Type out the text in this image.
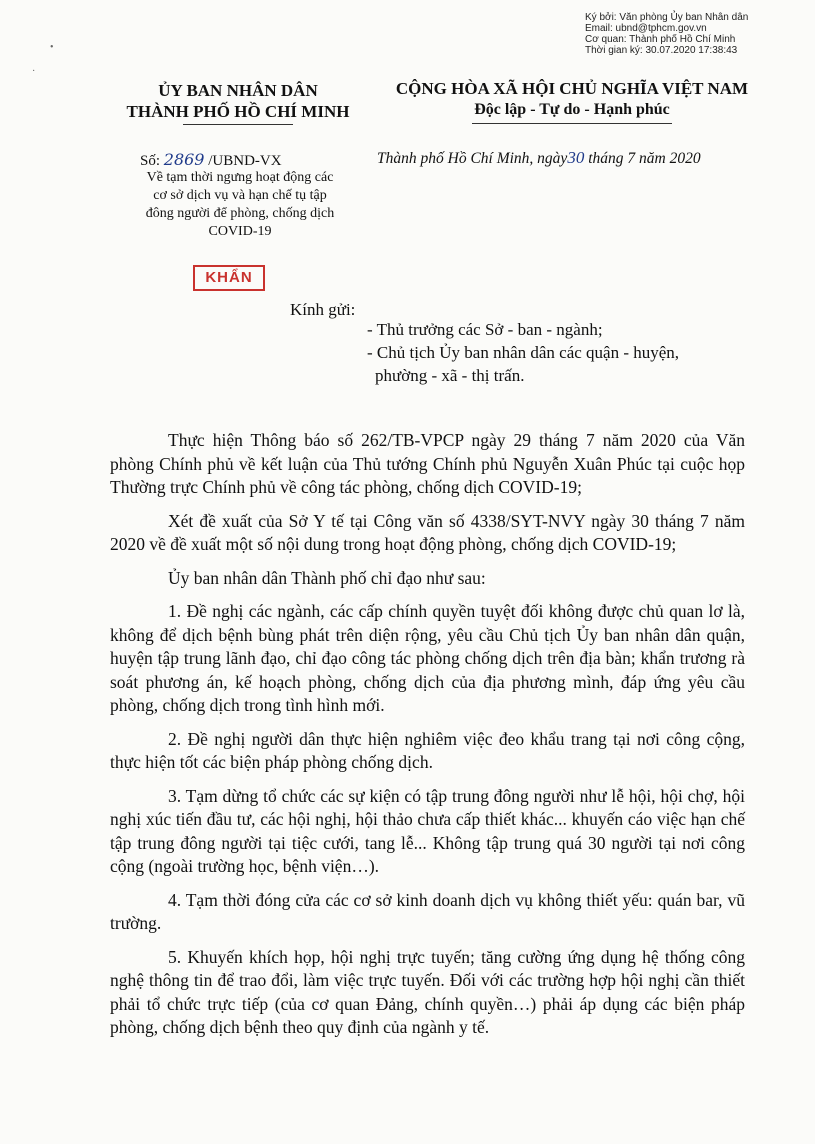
Ký bởi: Văn phòng Ủy ban Nhân dân
Email: ubnd@tphcm.gov.vn
Cơ quan: Thành phố Hồ Chí Minh
Thời gian ký: 30.07.2020 17:38:43
•
·
ỦY BAN NHÂN DÂN
THÀNH PHỐ HỒ CHÍ MINH
CỘNG HÒA XÃ HỘI CHỦ NGHĨA VIỆT NAM
Độc lập - Tự do - Hạnh phúc
Số: 2869 /UBND-VX	Thành phố Hồ Chí Minh, ngày30 tháng 7 năm 2020
Về tạm thời ngưng hoạt động các
cơ sở dịch vụ và hạn chế tụ tập
đông người để phòng, chống dịch
COVID-19
KHẨN
Kính gửi:
- Thủ trưởng các Sở - ban - ngành;
- Chủ tịch Ủy ban nhân dân các quận - huyện,
phường - xã - thị trấn.

Thực hiện Thông báo số 262/TB-VPCP ngày 29 tháng 7 năm 2020 của Văn phòng Chính phủ về kết luận của Thủ tướng Chính phủ Nguyễn Xuân Phúc tại cuộc họp Thường trực Chính phủ về công tác phòng, chống dịch COVID-19;

Xét đề xuất của Sở Y tế tại Công văn số 4338/SYT-NVY ngày 30 tháng 7 năm 2020 về đề xuất một số nội dung trong hoạt động phòng, chống dịch COVID-19;

Ủy ban nhân dân Thành phố chỉ đạo như sau:

1. Đề nghị các ngành, các cấp chính quyền tuyệt đối không được chủ quan lơ là, không để dịch bệnh bùng phát trên diện rộng, yêu cầu Chủ tịch Ủy ban nhân dân quận, huyện tập trung lãnh đạo, chỉ đạo công tác phòng chống dịch trên địa bàn; khẩn trương rà soát phương án, kế hoạch phòng, chống dịch của địa phương mình, đáp ứng yêu cầu phòng, chống dịch trong tình hình mới.

2. Đề nghị người dân thực hiện nghiêm việc đeo khẩu trang tại nơi công cộng, thực hiện tốt các biện pháp phòng chống dịch.

3. Tạm dừng tổ chức các sự kiện có tập trung đông người như lễ hội, hội chợ, hội nghị xúc tiến đầu tư, các hội nghị, hội thảo chưa cấp thiết khác... khuyến cáo việc hạn chế tập trung đông người tại tiệc cưới, tang lễ... Không tập trung quá 30 người tại nơi công cộng (ngoài trường học, bệnh viện…).

4. Tạm thời đóng cửa các cơ sở kinh doanh dịch vụ không thiết yếu: quán bar, vũ trường.

5. Khuyến khích họp, hội nghị trực tuyến; tăng cường ứng dụng hệ thống công nghệ thông tin để trao đổi, làm việc trực tuyến. Đối với các trường hợp hội nghị cần thiết phải tổ chức trực tiếp (của cơ quan Đảng, chính quyền…) phải áp dụng các biện pháp phòng, chống dịch bệnh theo quy định của ngành y tế.
